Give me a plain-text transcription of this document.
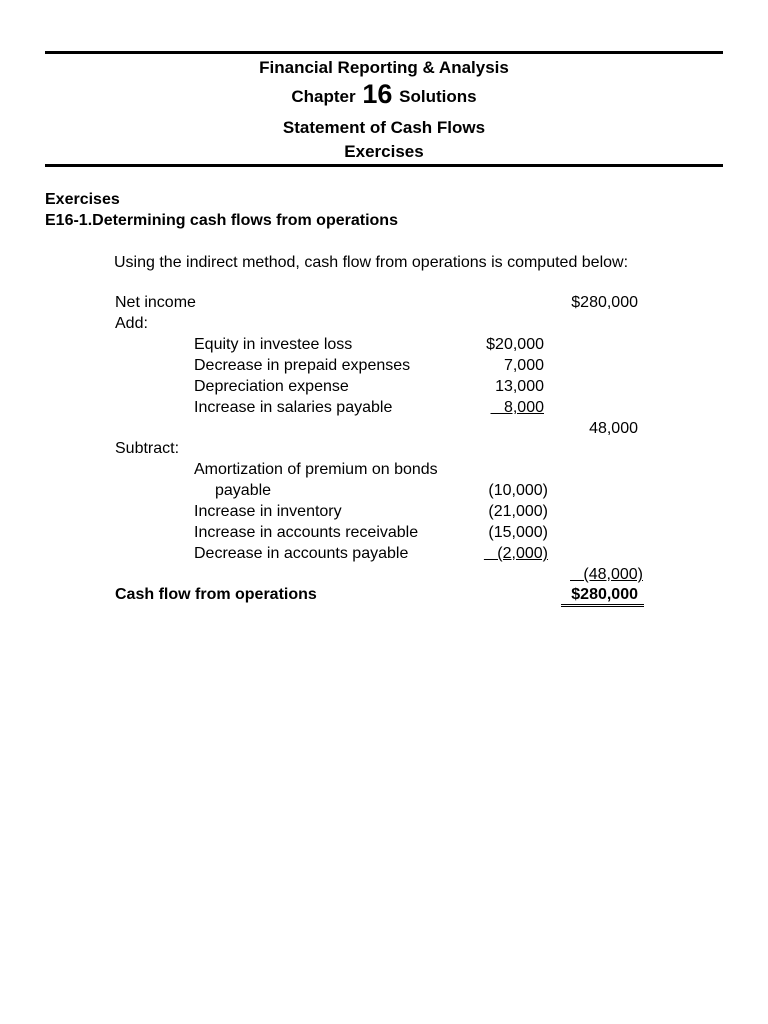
Financial Reporting & Analysis
Chapter 16 Solutions
Statement of Cash Flows
Exercises
Exercises
E16-1.Determining cash flows from operations
Using the indirect method, cash flow from operations is computed below:
Net income	$280,000
Add:
Equity in investee loss	$20,000
Decrease in prepaid expenses	7,000
Depreciation expense	13,000
Increase in salaries payable	8,000
48,000
Subtract:
Amortization of premium on bonds
payable	(10,000)
Increase in inventory	(21,000)
Increase in accounts receivable	(15,000)
Decrease in accounts payable	(2,000)
(48,000)
Cash flow from operations	$280,000
